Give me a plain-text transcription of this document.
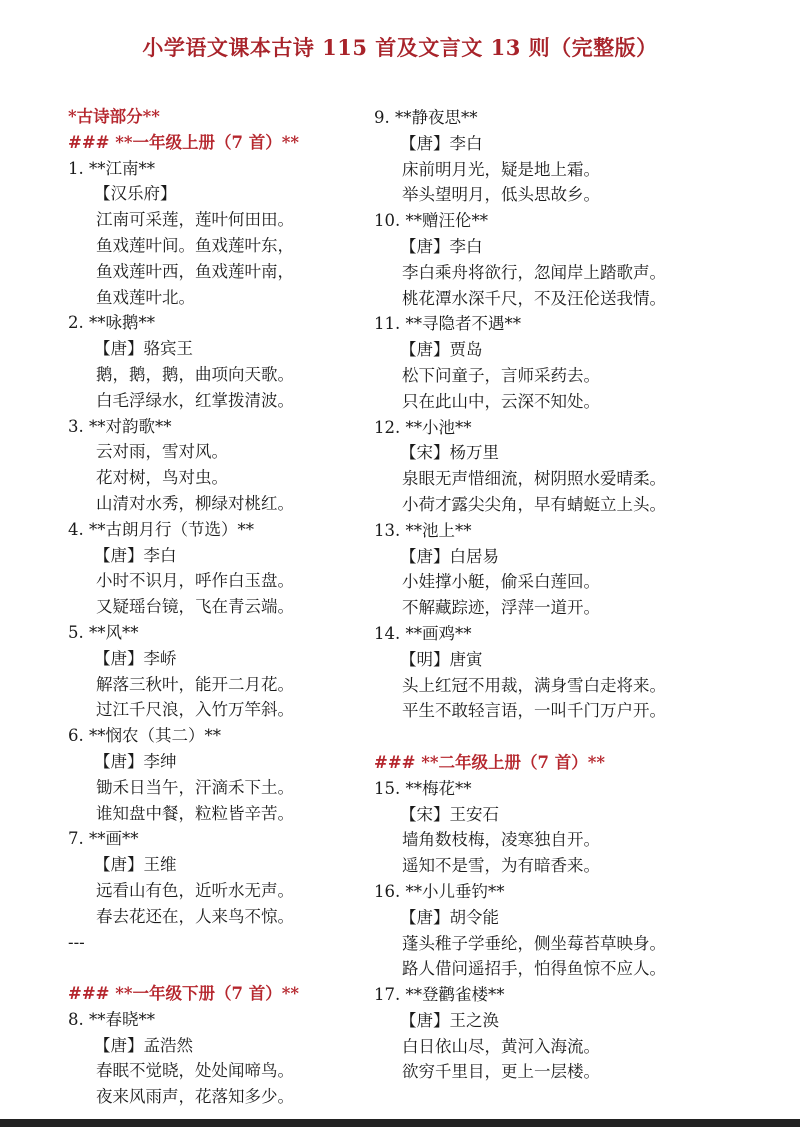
小学语文课本古诗 115 首及文言文 13 则（完整版）
*古诗部分**
### **一年级上册（7 首）**
1. **江南**
【汉乐府】
江南可采莲，莲叶何田田。
鱼戏莲叶间。鱼戏莲叶东，
鱼戏莲叶西，鱼戏莲叶南，
鱼戏莲叶北。
2. **咏鹅**
【唐】骆宾王
鹅，鹅，鹅，曲项向天歌。
白毛浮绿水，红掌拨清波。
3. **对韵歌**
云对雨，雪对风。
花对树，鸟对虫。
山清对水秀，柳绿对桃红。
4. **古朗月行（节选）**
【唐】李白
小时不识月，呼作白玉盘。
又疑瑶台镜，飞在青云端。
5. **风**
【唐】李峤
解落三秋叶，能开二月花。
过江千尺浪，入竹万竿斜。
6. **悯农（其二）**
【唐】李绅
锄禾日当午，汗滴禾下土。
谁知盘中餐，粒粒皆辛苦。
7. **画**
【唐】王维
远看山有色，近听水无声。
春去花还在，人来鸟不惊。
---
### **一年级下册（7 首）**
8. **春晓**
【唐】孟浩然
春眠不觉晓，处处闻啼鸟。
夜来风雨声，花落知多少。
9. **静夜思**
【唐】李白
床前明月光，疑是地上霜。
举头望明月，低头思故乡。
10. **赠汪伦**
【唐】李白
李白乘舟将欲行，忽闻岸上踏歌声。
桃花潭水深千尺，不及汪伦送我情。
11. **寻隐者不遇**
【唐】贾岛
松下问童子，言师采药去。
只在此山中，云深不知处。
12. **小池**
【宋】杨万里
泉眼无声惜细流，树阴照水爱晴柔。
小荷才露尖尖角，早有蜻蜓立上头。
13. **池上**
【唐】白居易
小娃撑小艇，偷采白莲回。
不解藏踪迹，浮萍一道开。
14. **画鸡**
【明】唐寅
头上红冠不用裁，满身雪白走将来。
平生不敢轻言语，一叫千门万户开。
### **二年级上册（7 首）**
15. **梅花**
【宋】王安石
墙角数枝梅，凌寒独自开。
遥知不是雪，为有暗香来。
16. **小儿垂钓**
【唐】胡令能
蓬头稚子学垂纶，侧坐莓苔草映身。
路人借问遥招手，怕得鱼惊不应人。
17. **登鹳雀楼**
【唐】王之涣
白日依山尽，黄河入海流。
欲穷千里目，更上一层楼。
